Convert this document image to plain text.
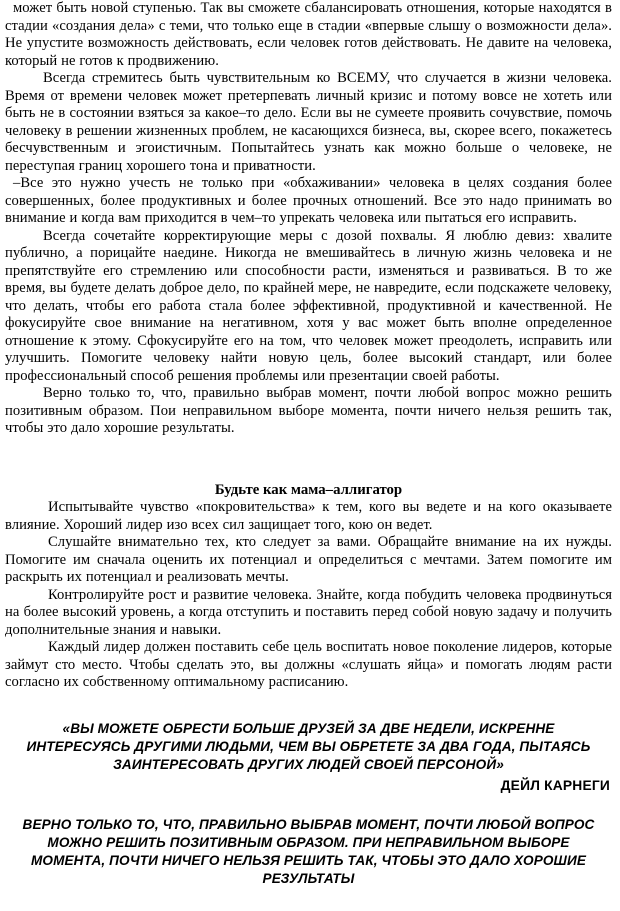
может быть новой ступенью. Так вы сможете сбалансировать отношения, которые находятся в стадии «создания дела» с теми, что только еще в стадии «впервые слышу о возможности дела». Не упустите возможность действовать, если человек готов действовать. Не давите на человека, который не готов к продвижению.

Всегда стремитесь быть чувствительным ко ВСЕМУ, что случается в жизни человека. Время от времени человек может претерпевать личный кризис и потому вовсе не хотеть или быть не в состоянии взяться за какое–то дело. Если вы не сумеете проявить сочувствие, помочь человеку в решении жизненных проблем, не касающихся бизнеса, вы, скорее всего, покажетесь бесчувственным и эгоистичным. Попытайтесь узнать как можно больше о человеке, не переступая границ хорошего тона и приватности.

–Все это нужно учесть не только при «обхаживании» человека в целях создания более совершенных, более продуктивных и более прочных отношений. Все это надо принимать во внимание и когда вам приходится в чем–то упрекать человека или пытаться его исправить.

Всегда сочетайте корректирующие меры с дозой похвалы. Я люблю девиз: хвалите публично, а порицайте наедине. Никогда не вмешивайтесь в личную жизнь человека и не препятствуйте его стремлению или способности расти, изменяться и развиваться. В то же время, вы будете делать доброе дело, по крайней мере, не навредите, если подскажете человеку, что делать, чтобы его работа стала более эффективной, продуктивной и качественной. Не фокусируйте свое внимание на негативном, хотя у вас может быть вполне определенное отношение к этому. Сфокусируйте его на том, что человек может преодолеть, исправить или улучшить. Помогите человеку найти новую цель, более высокий стандарт, или более профессиональный способ решения проблемы или презентации своей работы.

Верно только то, что, правильно выбрав момент, почти любой вопрос можно решить позитивным образом. Пои неправильном выборе момента, почти ничего нельзя решить так, чтобы это дало хорошие результаты.

Будьте как мама–аллигатор

Испытывайте чувство «покровительства» к тем, кого вы ведете и на кого оказываете влияние. Хороший лидер изо всех сил защищает того, кою он ведет.

Слушайте внимательно тех, кто следует за вами. Обращайте внимание на их нужды. Помогите им сначала оценить их потенциал и определиться с мечтами. Затем помогите им раскрыть их потенциал и реализовать мечты.

Контролируйте рост и развитие человека. Знайте, когда побудить человека продвинуться на более высокий уровень, а когда отступить и поставить перед собой новую задачу и получить дополнительные знания и навыки.

Каждый лидер должен поставить себе цель воспитать новое поколение лидеров, которые займут сто место. Чтобы сделать это, вы должны «слушать яйца» и помогать людям расти согласно их собственному оптимальному расписанию.

«ВЫ МОЖЕТЕ ОБРЕСТИ БОЛЬШЕ ДРУЗЕЙ ЗА ДВЕ НЕДЕЛИ, ИСКРЕННЕ ИНТЕРЕСУЯСЬ ДРУГИМИ ЛЮДЬМИ, ЧЕМ ВЫ ОБРЕТЕТЕ ЗА ДВА ГОДА, ПЫТАЯСЬ ЗАИНТЕРЕСОВАТЬ ДРУГИХ ЛЮДЕЙ СВОЕЙ ПЕРСОНОЙ»

ДЕЙЛ КАРНЕГИ

ВЕРНО ТОЛЬКО ТО, ЧТО, ПРАВИЛЬНО ВЫБРАВ МОМЕНТ, ПОЧТИ ЛЮБОЙ ВОПРОС МОЖНО РЕШИТЬ ПОЗИТИВНЫМ ОБРАЗОМ. ПРИ НЕПРАВИЛЬНОМ ВЫБОРЕ МОМЕНТА, ПОЧТИ НИЧЕГО НЕЛЬЗЯ РЕШИТЬ ТАК, ЧТОБЫ ЭТО ДАЛО ХОРОШИЕ РЕЗУЛЬТАТЫ
